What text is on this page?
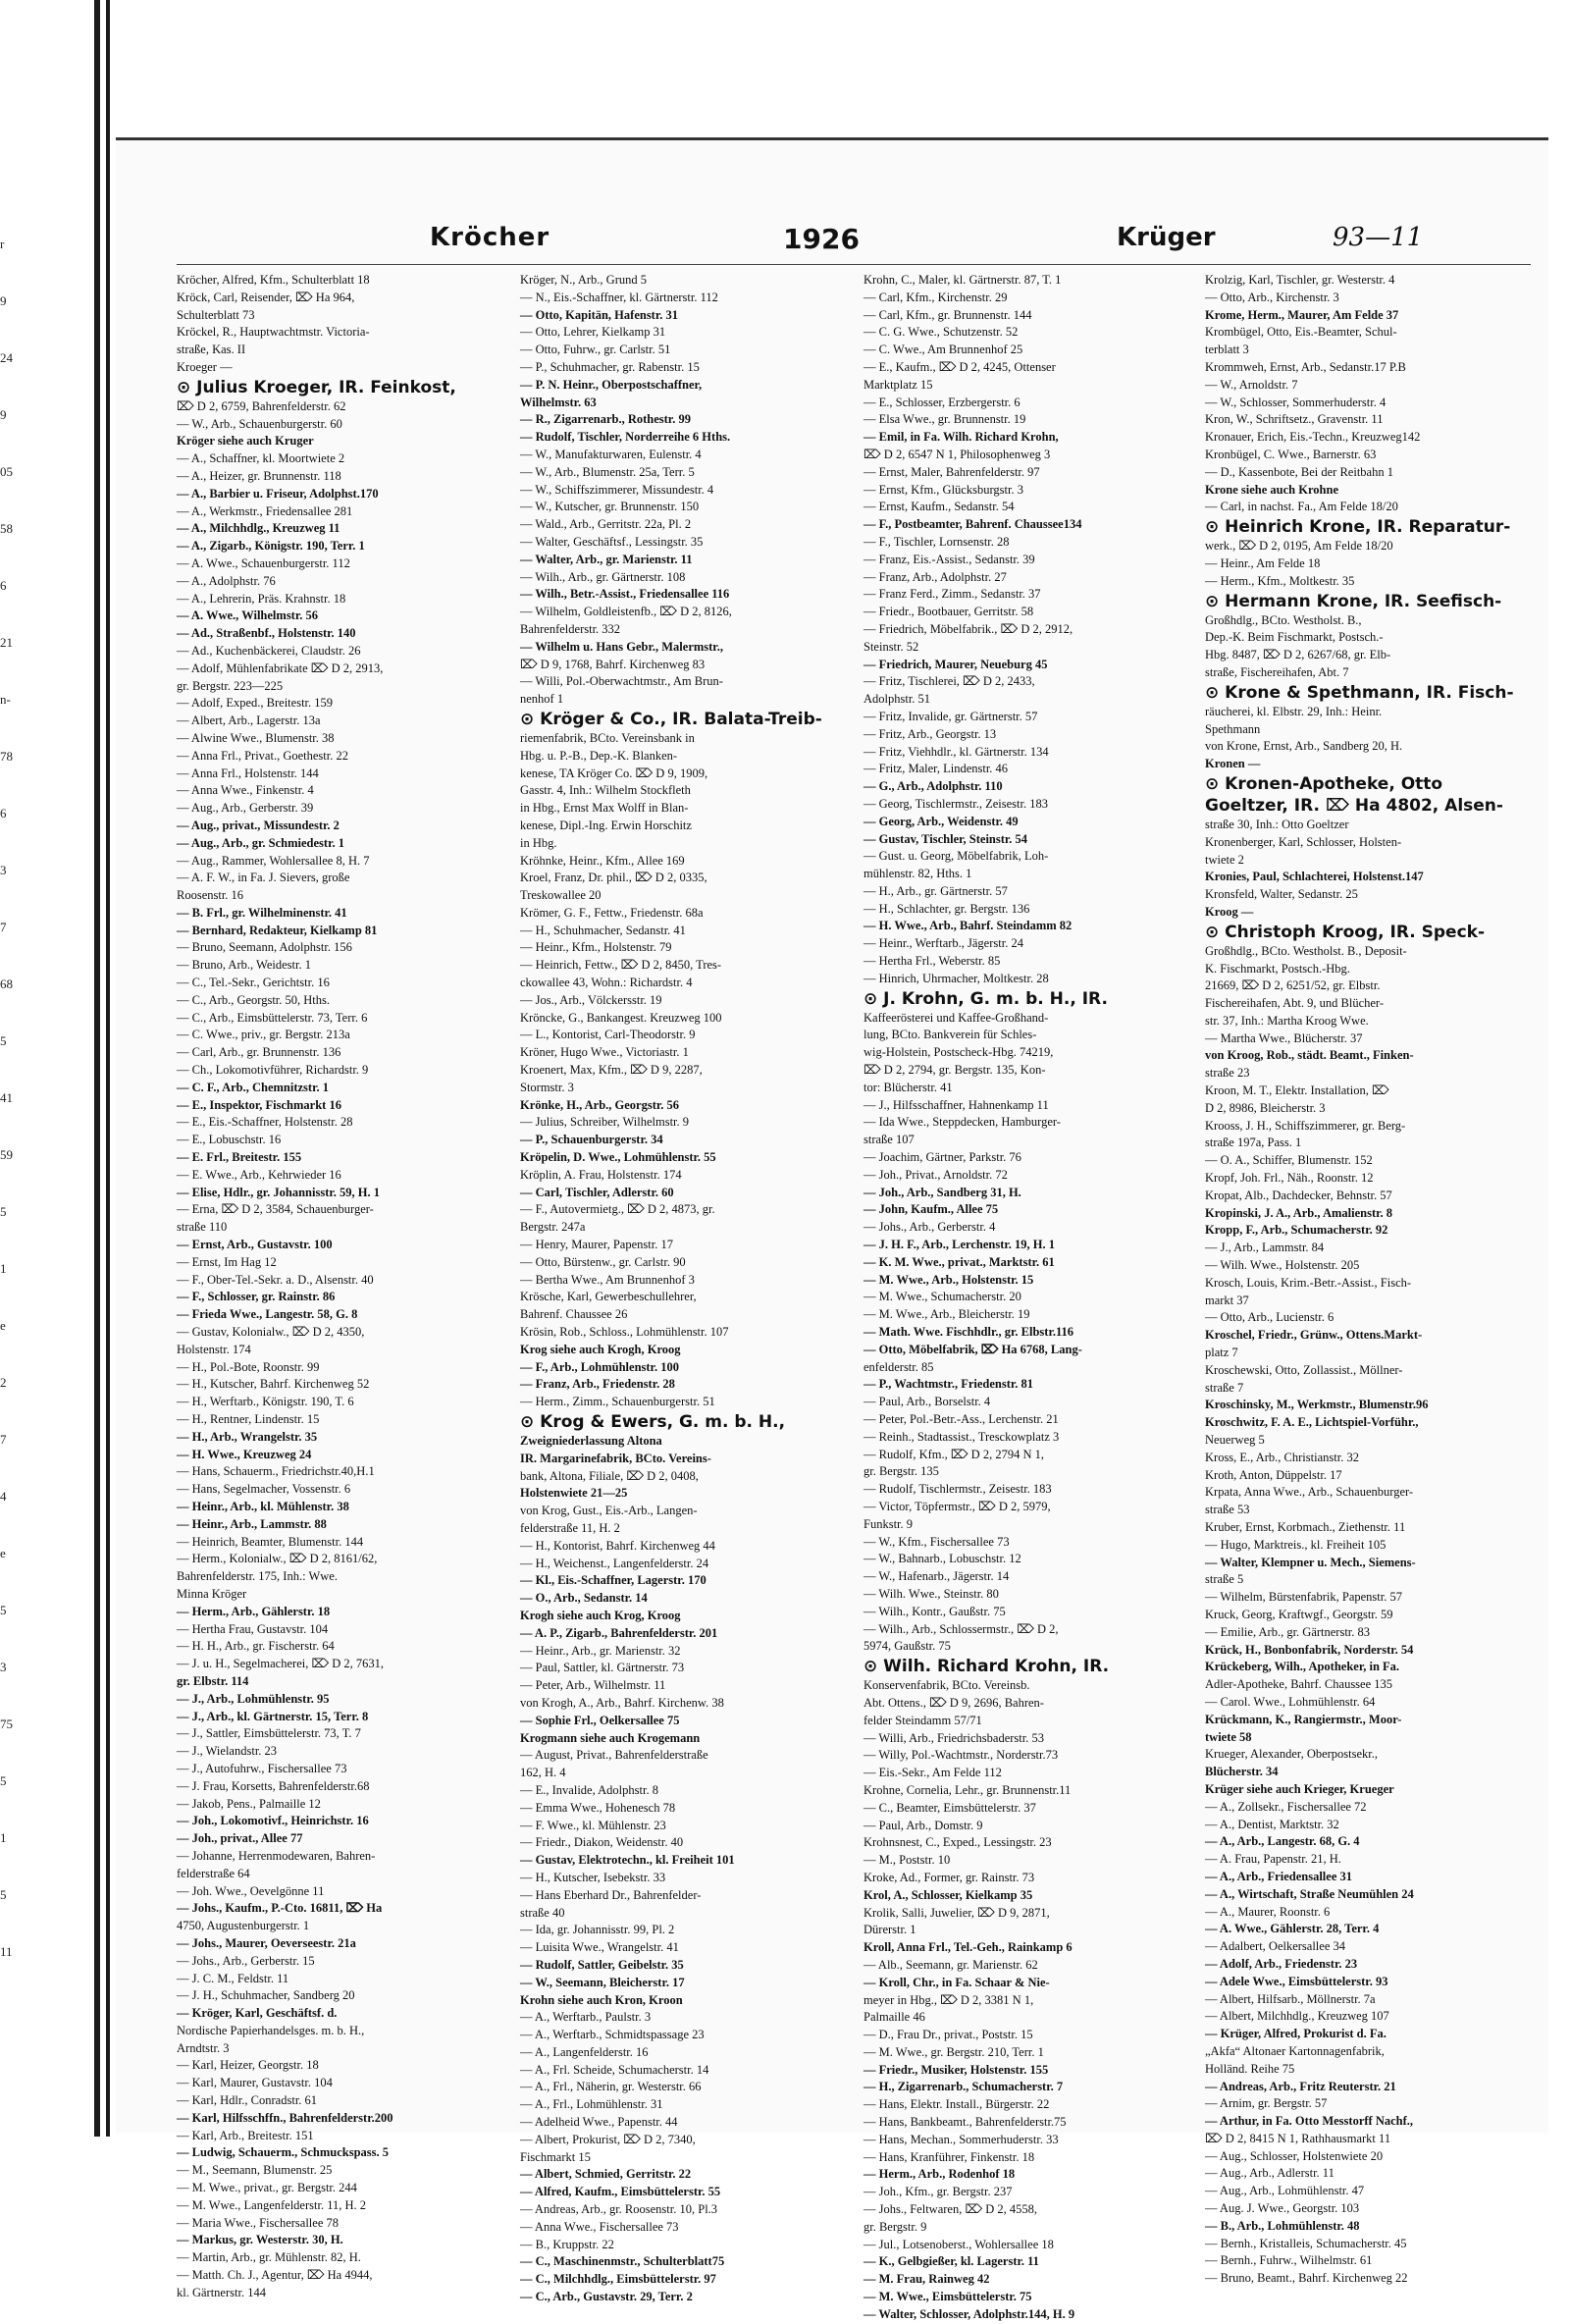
r
9
24
9
05
58
6
21
n-
78
6
3
7
68
5
41
59
5
1
e
2
7
4
e
5
3
75
5
1
5
11
Kröcher	1926	Krüger	93—11
Kröcher, Alfred, Kfm., Schulterblatt 18
Kröck, Carl, Reisender, ⌦ Ha 964,
Schulterblatt 73
Kröckel, R., Hauptwachtmstr. Victoria-
straße, Kas. II
Kroeger —
⊙ Julius Kroeger, IR. Feinkost,
⌦ D 2, 6759, Bahrenfelderstr. 62
— W., Arb., Schauenburgerstr. 60
Kröger siehe auch Kruger
— A., Schaffner, kl. Moortwiete 2
— A., Heizer, gr. Brunnenstr. 118
— A., Barbier u. Friseur, Adolphst.170
— A., Werkmstr., Friedensallee 281
— A., Milchhdlg., Kreuzweg 11
— A., Zigarb., Königstr. 190, Terr. 1
— A. Wwe., Schauenburgerstr. 112
— A., Adolphstr. 76
— A., Lehrerin, Präs. Krahnstr. 18
— A. Wwe., Wilhelmstr. 56
— Ad., Straßenbf., Holstenstr. 140
— Ad., Kuchenbäckerei, Claudstr. 26
— Adolf, Mühlenfabrikate ⌦ D 2, 2913,
gr. Bergstr. 223—225
— Adolf, Exped., Breitestr. 159
— Albert, Arb., Lagerstr. 13a
— Alwine Wwe., Blumenstr. 38
— Anna Frl., Privat., Goethestr. 22
— Anna Frl., Holstenstr. 144
— Anna Wwe., Finkenstr. 4
— Aug., Arb., Gerberstr. 39
— Aug., privat., Missundestr. 2
— Aug., Arb., gr. Schmiedestr. 1
— Aug., Rammer, Wohlersallee 8, H. 7
— A. F. W., in Fa. J. Sievers, große
Roosenstr. 16
— B. Frl., gr. Wilhelminenstr. 41
— Bernhard, Redakteur, Kielkamp 81
— Bruno, Seemann, Adolphstr. 156
— Bruno, Arb., Weidestr. 1
— C., Tel.-Sekr., Gerichtstr. 16
— C., Arb., Georgstr. 50, Hths.
— C., Arb., Eimsbüttelerstr. 73, Terr. 6
— C. Wwe., priv., gr. Bergstr. 213a
— Carl, Arb., gr. Brunnenstr. 136
— Ch., Lokomotivführer, Richardstr. 9
— C. F., Arb., Chemnitzstr. 1
— E., Inspektor, Fischmarkt 16
— E., Eis.-Schaffner, Holstenstr. 28
— E., Lobuschstr. 16
— E. Frl., Breitestr. 155
— E. Wwe., Arb., Kehrwieder 16
— Elise, Hdlr., gr. Johannisstr. 59, H. 1
— Erna, ⌦ D 2, 3584, Schauenburger-
straße 110
— Ernst, Arb., Gustavstr. 100
— Ernst, Im Hag 12
— F., Ober-Tel.-Sekr. a. D., Alsenstr. 40
— F., Schlosser, gr. Rainstr. 86
— Frieda Wwe., Langestr. 58, G. 8
— Gustav, Kolonialw., ⌦ D 2, 4350,
Holstenstr. 174
— H., Pol.-Bote, Roonstr. 99
— H., Kutscher, Bahrf. Kirchenweg 52
— H., Werftarb., Königstr. 190, T. 6
— H., Rentner, Lindenstr. 15
— H., Arb., Wrangelstr. 35
— H. Wwe., Kreuzweg 24
— Hans, Schauerm., Friedrichstr.40,H.1
— Hans, Segelmacher, Vossenstr. 6
— Heinr., Arb., kl. Mühlenstr. 38
— Heinr., Arb., Lammstr. 88
— Heinrich, Beamter, Blumenstr. 144
— Herm., Kolonialw., ⌦ D 2, 8161/62,
Bahrenfelderstr. 175, Inh.: Wwe.
Minna Kröger
— Herm., Arb., Gählerstr. 18
— Hertha Frau, Gustavstr. 104
— H. H., Arb., gr. Fischerstr. 64
— J. u. H., Segelmacherei, ⌦ D 2, 7631,
gr. Elbstr. 114
— J., Arb., Lohmühlenstr. 95
— J., Arb., kl. Gärtnerstr. 15, Terr. 8
— J., Sattler, Eimsbüttelerstr. 73, T. 7
— J., Wielandstr. 23
— J., Autofuhrw., Fischersallee 73
— J. Frau, Korsetts, Bahrenfelderstr.68
— Jakob, Pens., Palmaille 12
— Joh., Lokomotivf., Heinrichstr. 16
— Joh., privat., Allee 77
— Johanne, Herrenmodewaren, Bahren-
felderstraße 64
— Joh. Wwe., Oevelgönne 11
— Johs., Kaufm., P.-Cto. 16811, ⌦ Ha
4750, Augustenburgerstr. 1
— Johs., Maurer, Oeverseestr. 21a
— Johs., Arb., Gerberstr. 15
— J. C. M., Feldstr. 11
— J. H., Schuhmacher, Sandberg 20
— Kröger, Karl, Geschäftsf. d.
Nordische Papierhandelsges. m. b. H.,
Arndtstr. 3
— Karl, Heizer, Georgstr. 18
— Karl, Maurer, Gustavstr. 104
— Karl, Hdlr., Conradstr. 61
— Karl, Hilfsschffn., Bahrenfelderstr.200
— Karl, Arb., Breitestr. 151
— Ludwig, Schauerm., Schmuckspass. 5
— M., Seemann, Blumenstr. 25
— M. Wwe., privat., gr. Bergstr. 244
— M. Wwe., Langenfelderstr. 11, H. 2
— Maria Wwe., Fischersallee 78
— Markus, gr. Westerstr. 30, H.
— Martin, Arb., gr. Mühlenstr. 82, H.
— Matth. Ch. J., Agentur, ⌦ Ha 4944,
kl. Gärtnerstr. 144
Kröger, N., Arb., Grund 5
— N., Eis.-Schaffner, kl. Gärtnerstr. 112
— Otto, Kapitän, Hafenstr. 31
— Otto, Lehrer, Kielkamp 31
— Otto, Fuhrw., gr. Carlstr. 51
— P., Schuhmacher, gr. Rabenstr. 15
— P. N. Heinr., Oberpostschaffner,
Wilhelmstr. 63
— R., Zigarrenarb., Rothestr. 99
— Rudolf, Tischler, Norderreihe 6 Hths.
— W., Manufakturwaren, Eulenstr. 4
— W., Arb., Blumenstr. 25a, Terr. 5
— W., Schiffszimmerer, Missundestr. 4
— W., Kutscher, gr. Brunnenstr. 150
— Wald., Arb., Gerritstr. 22a, Pl. 2
— Walter, Geschäftsf., Lessingstr. 35
— Walter, Arb., gr. Marienstr. 11
— Wilh., Arb., gr. Gärtnerstr. 108
— Wilh., Betr.-Assist., Friedensallee 116
— Wilhelm, Goldleistenfb., ⌦ D 2, 8126,
Bahrenfelderstr. 332
— Wilhelm u. Hans Gebr., Malermstr.,
⌦ D 9, 1768, Bahrf. Kirchenweg 83
— Willi, Pol.-Oberwachtmstr., Am Brun-
nenhof 1
⊙ Kröger & Co., IR. Balata-Treib-
riemenfabrik, BCto. Vereinsbank in
Hbg. u. P.-B., Dep.-K. Blanken-
kenese, TA Kröger Co. ⌦ D 9, 1909,
Gasstr. 4, Inh.: Wilhelm Stockfleth
in Hbg., Ernst Max Wolff in Blan-
kenese, Dipl.-Ing. Erwin Horschitz
in Hbg.
Kröhnke, Heinr., Kfm., Allee 169
Kroel, Franz, Dr. phil., ⌦ D 2, 0335,
Treskowallee 20
Krömer, G. F., Fettw., Friedenstr. 68a
— H., Schuhmacher, Sedanstr. 41
— Heinr., Kfm., Holstenstr. 79
— Heinrich, Fettw., ⌦ D 2, 8450, Tres-
ckowallee 43, Wohn.: Richardstr. 4
— Jos., Arb., Völckersstr. 19
Kröncke, G., Bankangest. Kreuzweg 100
— L., Kontorist, Carl-Theodorstr. 9
Kröner, Hugo Wwe., Victoriastr. 1
Kroenert, Max, Kfm., ⌦ D 9, 2287,
Stormstr. 3
Krönke, H., Arb., Georgstr. 56
— Julius, Schreiber, Wilhelmstr. 9
— P., Schauenburgerstr. 34
Kröpelin, D. Wwe., Lohmühlenstr. 55
Kröplin, A. Frau, Holstenstr. 174
— Carl, Tischler, Adlerstr. 60
— F., Autovermietg., ⌦ D 2, 4873, gr.
Bergstr. 247a
— Henry, Maurer, Papenstr. 17
— Otto, Bürstenw., gr. Carlstr. 90
— Bertha Wwe., Am Brunnenhof 3
Krösche, Karl, Gewerbeschullehrer,
Bahrenf. Chaussee 26
Krösin, Rob., Schloss., Lohmühlenstr. 107
Krog siehe auch Krogh, Kroog
— F., Arb., Lohmühlenstr. 100
— Franz, Arb., Friedenstr. 28
— Herm., Zimm., Schauenburgerstr. 51
⊙ Krog & Ewers, G. m. b. H.,
Zweigniederlassung Altona
IR. Margarinefabrik, BCto. Vereins-
bank, Altona, Filiale, ⌦ D 2, 0408,
Holstenwiete 21—25
von Krog, Gust., Eis.-Arb., Langen-
felderstraße 11, H. 2
— H., Kontorist, Bahrf. Kirchenweg 44
— H., Weichenst., Langenfelderstr. 24
— Kl., Eis.-Schaffner, Lagerstr. 170
— O., Arb., Sedanstr. 14
Krogh siehe auch Krog, Kroog
— A. P., Zigarb., Bahrenfelderstr. 201
— Heinr., Arb., gr. Marienstr. 32
— Paul, Sattler, kl. Gärtnerstr. 73
— Peter, Arb., Wilhelmstr. 11
von Krogh, A., Arb., Bahrf. Kirchenw. 38
— Sophie Frl., Oelkersallee 75
Krogmann siehe auch Krogemann
— August, Privat., Bahrenfelderstraße
162, H. 4
— E., Invalide, Adolphstr. 8
— Emma Wwe., Hohenesch 78
— F. Wwe., kl. Mühlenstr. 23
— Friedr., Diakon, Weidenstr. 40
— Gustav, Elektrotechn., kl. Freiheit 101
— H., Kutscher, Isebekstr. 33
— Hans Eberhard Dr., Bahrenfelder-
straße 40
— Ida, gr. Johannisstr. 99, Pl. 2
— Luisita Wwe., Wrangelstr. 41
— Rudolf, Sattler, Geibelstr. 35
— W., Seemann, Bleicherstr. 17
Krohn siehe auch Kron, Kroon
— A., Werftarb., Paulstr. 3
— A., Werftarb., Schmidtspassage 23
— A., Langenfelderstr. 16
— A., Frl. Scheide, Schumacherstr. 14
— A., Frl., Näherin, gr. Westerstr. 66
— A., Frl., Lohmühlenstr. 31
— Adelheid Wwe., Papenstr. 44
— Albert, Prokurist, ⌦ D 2, 7340,
Fischmarkt 15
— Albert, Schmied, Gerritstr. 22
— Alfred, Kaufm., Eimsbüttelerstr. 55
— Andreas, Arb., gr. Roosenstr. 10, Pl.3
— Anna Wwe., Fischersallee 73
— B., Kruppstr. 22
— C., Maschinenmstr., Schulterblatt75
— C., Milchhdlg., Eimsbüttelerstr. 97
— C., Arb., Gustavstr. 29, Terr. 2
Krohn, C., Maler, kl. Gärtnerstr. 87, T. 1
— Carl, Kfm., Kirchenstr. 29
— Carl, Kfm., gr. Brunnenstr. 144
— C. G. Wwe., Schutzenstr. 52
— C. Wwe., Am Brunnenhof 25
— E., Kaufm., ⌦ D 2, 4245, Ottenser
Marktplatz 15
— E., Schlosser, Erzbergerstr. 6
— Elsa Wwe., gr. Brunnenstr. 19
— Emil, in Fa. Wilh. Richard Krohn,
⌦ D 2, 6547 N 1, Philosophenweg 3
— Ernst, Maler, Bahrenfelderstr. 97
— Ernst, Kfm., Glücksburgstr. 3
— Ernst, Kaufm., Sedanstr. 54
— F., Postbeamter, Bahrenf. Chaussee134
— F., Tischler, Lornsenstr. 28
— Franz, Eis.-Assist., Sedanstr. 39
— Franz, Arb., Adolphstr. 27
— Franz Ferd., Zimm., Sedanstr. 37
— Friedr., Bootbauer, Gerritstr. 58
— Friedrich, Möbelfabrik., ⌦ D 2, 2912,
Steinstr. 52
— Friedrich, Maurer, Neueburg 45
— Fritz, Tischlerei, ⌦ D 2, 2433,
Adolphstr. 51
— Fritz, Invalide, gr. Gärtnerstr. 57
— Fritz, Arb., Georgstr. 13
— Fritz, Viehhdlr., kl. Gärtnerstr. 134
— Fritz, Maler, Lindenstr. 46
— G., Arb., Adolphstr. 110
— Georg, Tischlermstr., Zeisestr. 183
— Georg, Arb., Weidenstr. 49
— Gustav, Tischler, Steinstr. 54
— Gust. u. Georg, Möbelfabrik, Loh-
mühlenstr. 82, Hths. 1
— H., Arb., gr. Gärtnerstr. 57
— H., Schlachter, gr. Bergstr. 136
— H. Wwe., Arb., Bahrf. Steindamm 82
— Heinr., Werftarb., Jägerstr. 24
— Hertha Frl., Weberstr. 85
— Hinrich, Uhrmacher, Moltkestr. 28
⊙ J. Krohn, G. m. b. H., IR.
Kaffeerösterei und Kaffee-Großhand-
lung, BCto. Bankverein für Schles-
wig-Holstein, Postscheck-Hbg. 74219,
⌦ D 2, 2794, gr. Bergstr. 135, Kon-
tor: Blücherstr. 41
— J., Hilfsschaffner, Hahnenkamp 11
— Ida Wwe., Steppdecken, Hamburger-
straße 107
— Joachim, Gärtner, Parkstr. 76
— Joh., Privat., Arnoldstr. 72
— Joh., Arb., Sandberg 31, H.
— John, Kaufm., Allee 75
— Johs., Arb., Gerberstr. 4
— J. H. F., Arb., Lerchenstr. 19, H. 1
— K. M. Wwe., privat., Marktstr. 61
— M. Wwe., Arb., Holstenstr. 15
— M. Wwe., Schumacherstr. 20
— M. Wwe., Arb., Bleicherstr. 19
— Math. Wwe. Fischhdlr., gr. Elbstr.116
— Otto, Möbelfabrik, ⌦ Ha 6768, Lang-
enfelderstr. 85
— P., Wachtmstr., Friedenstr. 81
— Paul, Arb., Borselstr. 4
— Peter, Pol.-Betr.-Ass., Lerchenstr. 21
— Reinh., Stadtassist., Tresckowplatz 3
— Rudolf, Kfm., ⌦ D 2, 2794 N 1,
gr. Bergstr. 135
— Rudolf, Tischlermstr., Zeisestr. 183
— Victor, Töpfermstr., ⌦ D 2, 5979,
Funkstr. 9
— W., Kfm., Fischersallee 73
— W., Bahnarb., Lobuschstr. 12
— W., Hafenarb., Jägerstr. 14
— Wilh. Wwe., Steinstr. 80
— Wilh., Kontr., Gaußstr. 75
— Wilh., Arb., Schlossermstr., ⌦ D 2,
5974, Gaußstr. 75
⊙ Wilh. Richard Krohn, IR.
Konservenfabrik, BCto. Vereinsb.
Abt. Ottens., ⌦ D 9, 2696, Bahren-
felder Steindamm 57/71
— Willi, Arb., Friedrichsbaderstr. 53
— Willy, Pol.-Wachtmstr., Norderstr.73
— Eis.-Sekr., Am Felde 112
Krohne, Cornelia, Lehr., gr. Brunnenstr.11
— C., Beamter, Eimsbüttelerstr. 37
— Paul, Arb., Domstr. 9
Krohnsnest, C., Exped., Lessingstr. 23
— M., Poststr. 10
Kroke, Ad., Former, gr. Rainstr. 73
Krol, A., Schlosser, Kielkamp 35
Krolik, Salli, Juwelier, ⌦ D 9, 2871,
Dürerstr. 1
Kroll, Anna Frl., Tel.-Geh., Rainkamp 6
— Alb., Seemann, gr. Marienstr. 62
— Kroll, Chr., in Fa. Schaar & Nie-
meyer in Hbg., ⌦ D 2, 3381 N 1,
Palmaille 46
— D., Frau Dr., privat., Poststr. 15
— M. Wwe., gr. Bergstr. 210, Terr. 1
— Friedr., Musiker, Holstenstr. 155
— H., Zigarrenarb., Schumacherstr. 7
— Hans, Elektr. Install., Bürgerstr. 22
— Hans, Bankbeamt., Bahrenfelderstr.75
— Hans, Mechan., Sommerhuderstr. 33
— Hans, Kranführer, Finkenstr. 18
— Herm., Arb., Rodenhof 18
— Joh., Kfm., gr. Bergstr. 237
— Johs., Feltwaren, ⌦ D 2, 4558,
gr. Bergstr. 9
— Jul., Lotsenoberst., Wohlersallee 18
— K., Gelbgießer, kl. Lagerstr. 11
— M. Frau, Rainweg 42
— M. Wwe., Eimsbüttelerstr. 75
— Walter, Schlosser, Adolphstr.144, H. 9
Krolzig, Karl, Tischler, gr. Westerstr. 4
— Otto, Arb., Kirchenstr. 3
Krome, Herm., Maurer, Am Felde 37
Krombügel, Otto, Eis.-Beamter, Schul-
terblatt 3
Krommweh, Ernst, Arb., Sedanstr.17 P.B
— W., Arnoldstr. 7
— W., Schlosser, Sommerhuderstr. 4
Kron, W., Schriftsetz., Gravenstr. 11
Kronauer, Erich, Eis.-Techn., Kreuzweg142
Kronbügel, C. Wwe., Barnerstr. 63
— D., Kassenbote, Bei der Reitbahn 1
Krone siehe auch Krohne
— Carl, in nachst. Fa., Am Felde 18/20
⊙ Heinrich Krone, IR. Reparatur-
werk., ⌦ D 2, 0195, Am Felde 18/20
— Heinr., Am Felde 18
— Herm., Kfm., Moltkestr. 35
⊙ Hermann Krone, IR. Seefisch-
Großhdlg., BCto. Westholst. B.,
Dep.-K. Beim Fischmarkt, Postsch.-
Hbg. 8487, ⌦ D 2, 6267/68, gr. Elb-
straße, Fischereihafen, Abt. 7
⊙ Krone & Spethmann, IR. Fisch-
räucherei, kl. Elbstr. 29, Inh.: Heinr.
Spethmann
von Krone, Ernst, Arb., Sandberg 20, H.
Kronen —
⊙ Kronen-Apotheke, Otto
Goeltzer, IR. ⌦ Ha 4802, Alsen-
straße 30, Inh.: Otto Goeltzer
Kronenberger, Karl, Schlosser, Holsten-
twiete 2
Kronies, Paul, Schlachterei, Holstenst.147
Kronsfeld, Walter, Sedanstr. 25
Kroog —
⊙ Christoph Kroog, IR. Speck-
Großhdlg., BCto. Westholst. B., Deposit-
K. Fischmarkt, Postsch.-Hbg.
21669, ⌦ D 2, 6251/52, gr. Elbstr.
Fischereihafen, Abt. 9, und Blücher-
str. 37, Inh.: Martha Kroog Wwe.
— Martha Wwe., Blücherstr. 37
von Kroog, Rob., städt. Beamt., Finken-
straße 23
Kroon, M. T., Elektr. Installation, ⌦
D 2, 8986, Bleicherstr. 3
Krooss, J. H., Schiffszimmerer, gr. Berg-
straße 197a, Pass. 1
— O. A., Schiffer, Blumenstr. 152
Kropf, Joh. Frl., Näh., Roonstr. 12
Kropat, Alb., Dachdecker, Behnstr. 57
Kropinski, J. A., Arb., Amalienstr. 8
Kropp, F., Arb., Schumacherstr. 92
— J., Arb., Lammstr. 84
— Wilh. Wwe., Holstenstr. 205
Krosch, Louis, Krim.-Betr.-Assist., Fisch-
markt 37
— Otto, Arb., Lucienstr. 6
Kroschel, Friedr., Grünw., Ottens.Markt-
platz 7
Kroschewski, Otto, Zollassist., Möllner-
straße 7
Kroschinsky, M., Werkmstr., Blumenstr.96
Kroschwitz, F. A. E., Lichtspiel-Vorführ.,
Neuerweg 5
Kross, E., Arb., Christianstr. 32
Kroth, Anton, Düppelstr. 17
Krpata, Anna Wwe., Arb., Schauenburger-
straße 53
Kruber, Ernst, Korbmach., Ziethenstr. 11
— Hugo, Marktreis., kl. Freiheit 105
— Walter, Klempner u. Mech., Siemens-
straße 5
— Wilhelm, Bürstenfabrik, Papenstr. 57
Kruck, Georg, Kraftwgf., Georgstr. 59
— Emilie, Arb., gr. Gärtnerstr. 83
Krück, H., Bonbonfabrik, Norderstr. 54
Krückeberg, Wilh., Apotheker, in Fa.
Adler-Apotheke, Bahrf. Chaussee 135
— Carol. Wwe., Lohmühlenstr. 64
Krückmann, K., Rangiermstr., Moor-
twiete 58
Krueger, Alexander, Oberpostsekr.,
Blücherstr. 34
Krüger siehe auch Krieger, Krueger
— A., Zollsekr., Fischersallee 72
— A., Dentist, Marktstr. 32
— A., Arb., Langestr. 68, G. 4
— A. Frau, Papenstr. 21, H.
— A., Arb., Friedensallee 31
— A., Wirtschaft, Straße Neumühlen 24
— A., Maurer, Roonstr. 6
— A. Wwe., Gählerstr. 28, Terr. 4
— Adalbert, Oelkersallee 34
— Adolf, Arb., Friedenstr. 23
— Adele Wwe., Eimsbüttelerstr. 93
— Albert, Hilfsarb., Möllnerstr. 7a
— Albert, Milchhdlg., Kreuzweg 107
— Krüger, Alfred, Prokurist d. Fa.
„Akfa“ Altonaer Kartonnagenfabrik,
Holländ. Reihe 75
— Andreas, Arb., Fritz Reuterstr. 21
— Arnim, gr. Bergstr. 57
— Arthur, in Fa. Otto Messtorff Nachf.,
⌦ D 2, 8415 N 1, Rathhausmarkt 11
— Aug., Schlosser, Holstenwiete 20
— Aug., Arb., Adlerstr. 11
— Aug., Arb., Lohmühlenstr. 47
— Aug. J. Wwe., Georgstr. 103
— B., Arb., Lohmühlenstr. 48
— Bernh., Kristalleis, Schumacherstr. 45
— Bernh., Fuhrw., Wilhelmstr. 61
— Bruno, Beamt., Bahrf. Kirchenweg 22
